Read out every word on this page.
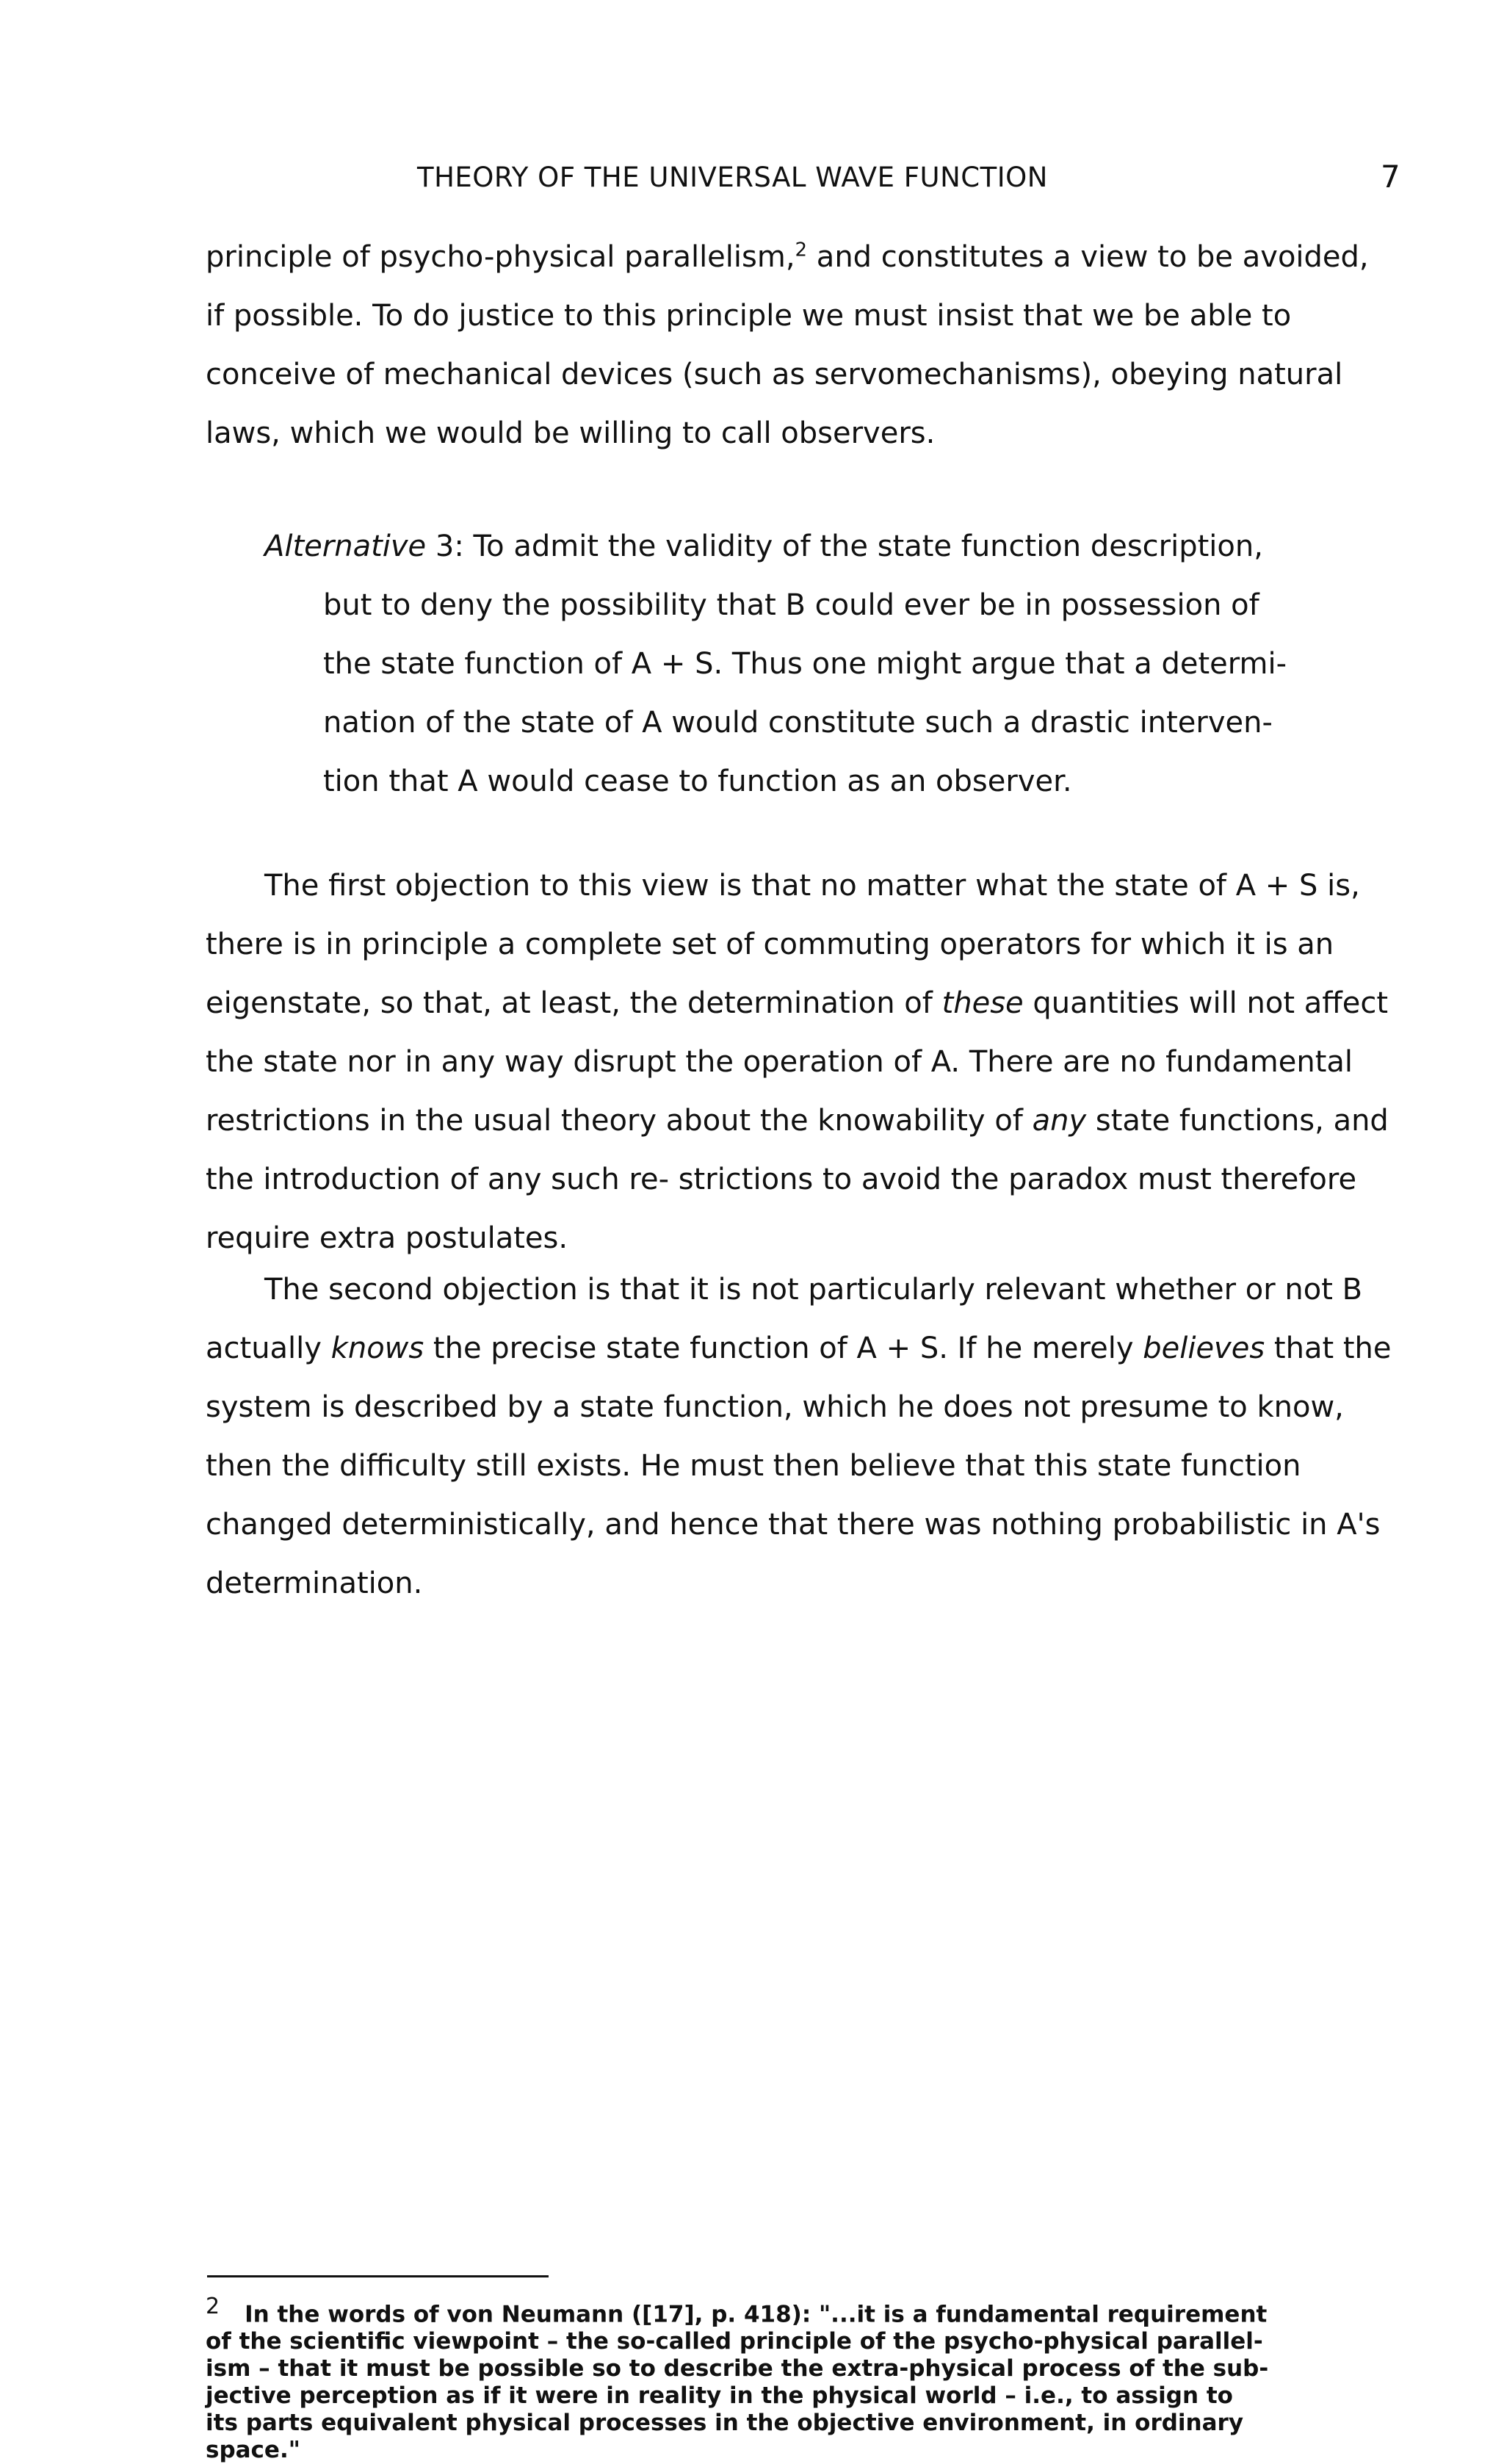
THEORY OF THE UNIVERSAL WAVE FUNCTION	7
principle of psycho-physical parallelism,$^2$ and constitutes a view to be avoided, if possible. To do justice to this principle we must insist that we be able to conceive of mechanical devices (such as servomechanisms), obeying natural laws, which we would be willing to call observers.
Alternative 3: To admit the validity of the state function description,
but to deny the possibility that B could ever be in possession of
the state function of A + S. Thus one might argue that a determi-
nation of the state of A would constitute such a drastic interven-
tion that A would cease to function as an observer.
The first objection to this view is that no matter what the state of A + S is, there is in principle a complete set of commuting operators for which it is an eigenstate, so that, at least, the determination of these quantities will not affect the state nor in any way disrupt the operation of A. There are no fundamental restrictions in the usual theory about the knowability of any state functions, and the introduction of any such re- strictions to avoid the paradox must therefore require extra postulates.
The second objection is that it is not particularly relevant whether or not B actually knows the precise state function of A + S. If he merely believes that the system is described by a state function, which he does not presume to know, then the difficulty still exists. He must then believe that this state function changed deterministically, and hence that there was nothing probabilistic in A's determination.
2 In the words of von Neumann ([17], p. 418): "...it is a fundamental requirement
of the scientific viewpoint – the so-called principle of the psycho-physical parallel-
ism – that it must be possible so to describe the extra-physical process of the sub-
jective perception as if it were in reality in the physical world – i.e., to assign to
its parts equivalent physical processes in the objective environment, in ordinary
space."
